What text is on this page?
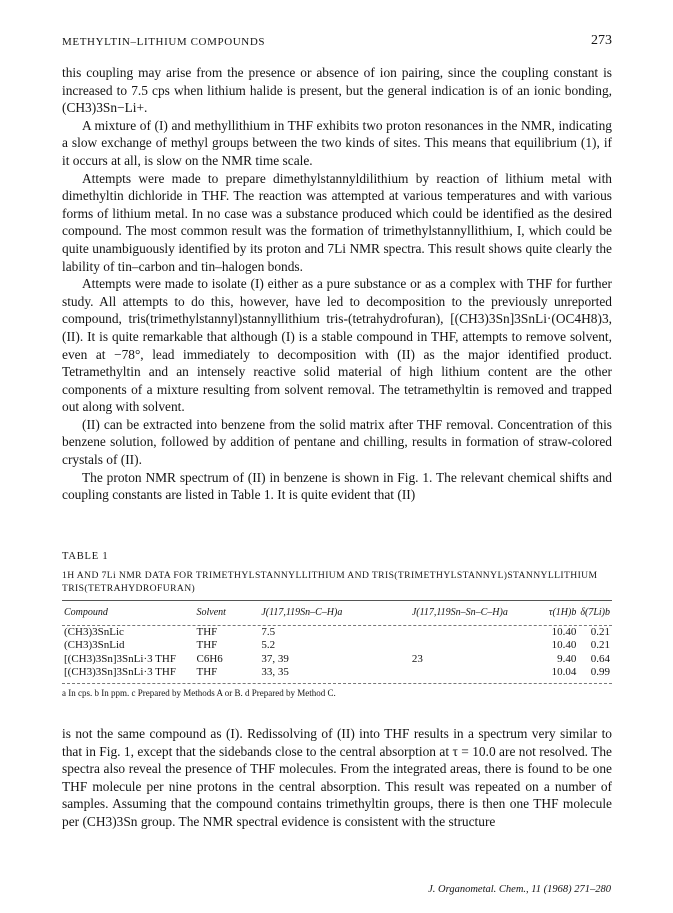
METHYLTIN–LITHIUM COMPOUNDS	273

this coupling may arise from the presence or absence of ion pairing, since the coupling constant is increased to 7.5 cps when lithium halide is present, but the general indication is of an ionic bonding, (CH3)3Sn−Li+.

A mixture of (I) and methyllithium in THF exhibits two proton resonances in the NMR, indicating a slow exchange of methyl groups between the two kinds of sites. This means that equilibrium (1), if it occurs at all, is slow on the NMR time scale.

Attempts were made to prepare dimethylstannyldilithium by reaction of lithium metal with dimethyltin dichloride in THF. The reaction was attempted at various temperatures and with various forms of lithium metal. In no case was a substance produced which could be identified as the desired compound. The most common result was the formation of trimethylstannyllithium, I, which could be quite unambiguously identified by its proton and 7Li NMR spectra. This result shows quite clearly the lability of tin–carbon and tin–halogen bonds.

Attempts were made to isolate (I) either as a pure substance or as a complex with THF for further study. All attempts to do this, however, have led to decomposition to the previously unreported compound, tris(trimethylstannyl)stannyllithium tris-(tetrahydrofuran), [(CH3)3Sn]3SnLi·(OC4H8)3, (II). It is quite remarkable that although (I) is a stable compound in THF, attempts to remove solvent, even at −78°, lead immediately to decomposition with (II) as the major identified product. Tetramethyltin and an intensely reactive solid material of high lithium content are the other components of a mixture resulting from solvent removal. The tetramethyltin is removed and trapped out along with solvent.

(II) can be extracted into benzene from the solid matrix after THF removal. Concentration of this benzene solution, followed by addition of pentane and chilling, results in formation of straw-colored crystals of (II).

The proton NMR spectrum of (II) in benzene is shown in Fig. 1. The relevant chemical shifts and coupling constants are listed in Table 1. It is quite evident that (II)

TABLE 1
1H AND 7Li NMR DATA FOR TRIMETHYLSTANNYLLITHIUM AND TRIS(TRIMETHYLSTANNYL)STANNYLLITHIUM TRIS(TETRAHYDROFURAN)
Compound	Solvent	J(117,119Sn–C–H)a	J(117,119Sn–Sn–C–H)a	τ(1H)b	δ(7Li)b

(CH3)3SnLic	THF	7.5		10.40	0.21
(CH3)3SnLid	THF	5.2		10.40	0.21
[(CH3)3Sn]3SnLi·3 THF	C6H6	37, 39	23	9.40	0.64
[(CH3)3Sn]3SnLi·3 THF	THF	33, 35		10.04	0.99
a In cps. b In ppm. c Prepared by Methods A or B. d Prepared by Method C.

is not the same compound as (I). Redissolving of (II) into THF results in a spectrum very similar to that in Fig. 1, except that the sidebands close to the central absorption at τ = 10.0 are not resolved. The spectra also reveal the presence of THF molecules. From the integrated areas, there is found to be one THF molecule per nine protons in the central absorption. This result was repeated on a number of samples. Assuming that the compound contains trimethyltin groups, there is then one THF molecule per (CH3)3Sn group. The NMR spectral evidence is consistent with the structure

J. Organometal. Chem., 11 (1968) 271–280
